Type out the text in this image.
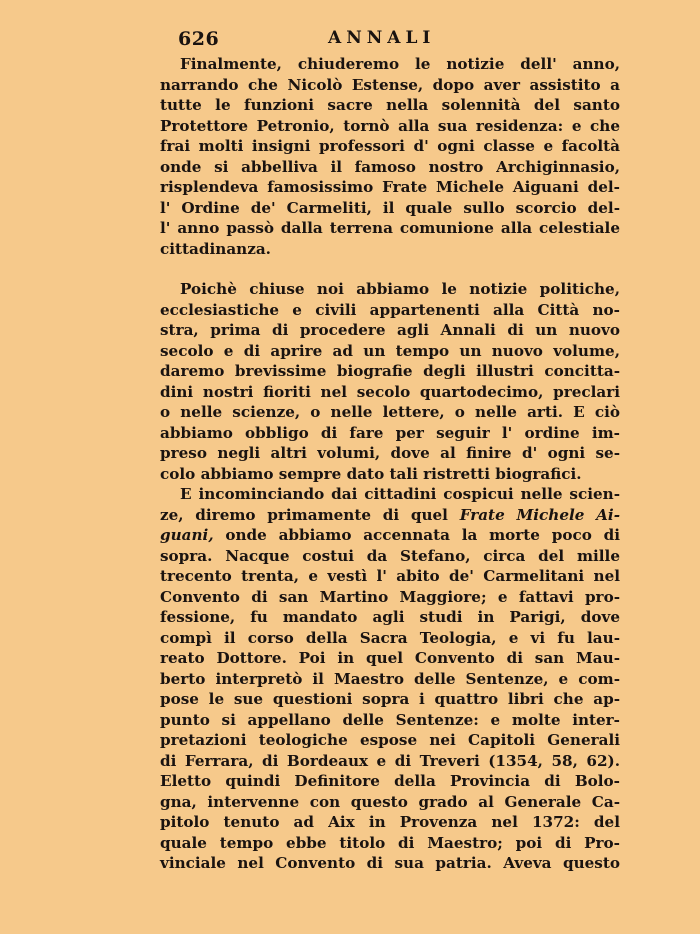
626	ANNALI
Finalmente, chiuderemo le notizie dell' anno,
narrando che Nicolò Estense, dopo aver assistito a
tutte le funzioni sacre nella solennità del santo
Protettore Petronio, tornò alla sua residenza: e che
frai molti insigni professori d' ogni classe e facoltà
onde si abbelliva il famoso nostro Archiginnasio,
risplendeva famosissimo Frate Michele Aiguani del-
l' Ordine de' Carmeliti, il quale sullo scorcio del-
l' anno passò dalla terrena comunione alla celestiale
cittadinanza.
Poichè chiuse noi abbiamo le notizie politiche,
ecclesiastiche e civili appartenenti alla Città no-
stra, prima di procedere agli Annali di un nuovo
secolo e di aprire ad un tempo un nuovo volume,
daremo brevissime biografie degli illustri concitta-
dini nostri fioriti nel secolo quartodecimo, preclari
o nelle scienze, o nelle lettere, o nelle arti. E ciò
abbiamo obbligo di fare per seguir l' ordine im-
preso negli altri volumi, dove al finire d' ogni se-
colo abbiamo sempre dato tali ristretti biografici.
E incominciando dai cittadini cospicui nelle scien-
ze, diremo primamente di quel Frate Michele Ai-
guani, onde abbiamo accennata la morte poco di
sopra. Nacque costui da Stefano, circa del mille
trecento trenta, e vestì l' abito de' Carmelitani nel
Convento di san Martino Maggiore; e fattavi pro-
fessione, fu mandato agli studi in Parigi, dove
compì il corso della Sacra Teologia, e vi fu lau-
reato Dottore. Poi in quel Convento di san Mau-
berto interpretò il Maestro delle Sentenze, e com-
pose le sue questioni sopra i quattro libri che ap-
punto si appellano delle Sentenze: e molte inter-
pretazioni teologiche espose nei Capitoli Generali
di Ferrara, di Bordeaux e di Treveri (1354, 58, 62).
Eletto quindi Definitore della Provincia di Bolo-
gna, intervenne con questo grado al Generale Ca-
pitolo tenuto ad Aix in Provenza nel 1372: del
quale tempo ebbe titolo di Maestro; poi di Pro-
vinciale nel Convento di sua patria. Aveva questo
